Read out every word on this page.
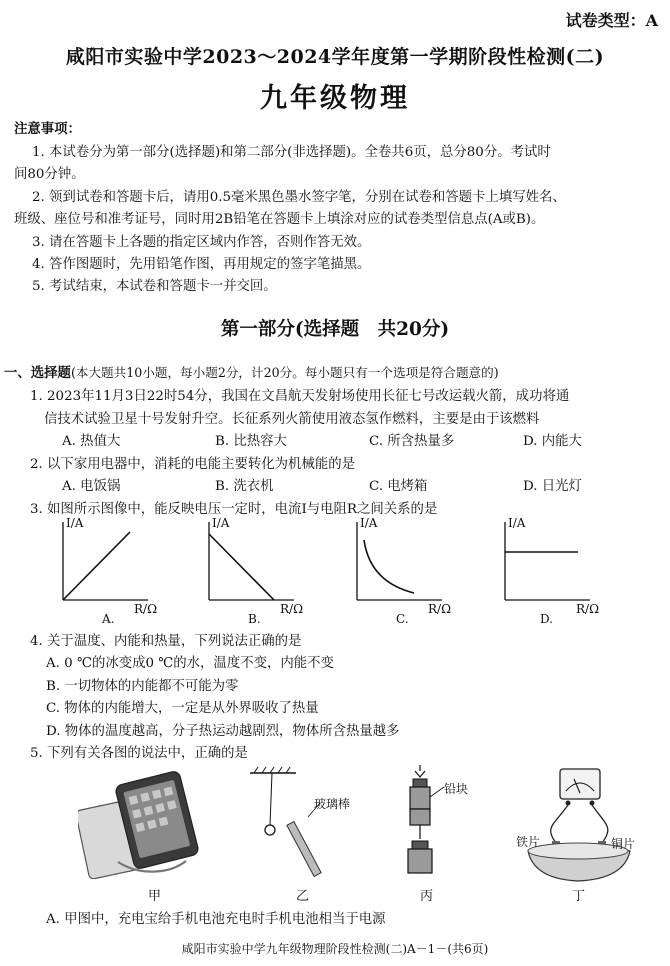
试卷类型：A
咸阳市实验中学2023～2024学年度第一学期阶段性检测(二)
九年级物理
注意事项：
1. 本试卷分为第一部分(选择题)和第二部分(非选择题)。全卷共6页，总分80分。考试时
间80分钟。
2. 领到试卷和答题卡后，请用0.5毫米黑色墨水签字笔，分别在试卷和答题卡上填写姓名、
班级、座位号和准考证号，同时用2B铅笔在答题卡上填涂对应的试卷类型信息点(A或B)。
3. 请在答题卡上各题的指定区域内作答，否则作答无效。
4. 答作图题时，先用铅笔作图，再用规定的签字笔描黑。
5. 考试结束，本试卷和答题卡一并交回。
第一部分(选择题　共20分)
一、选择题(本大题共10小题，每小题2分，计20分。每小题只有一个选项是符合题意的)
1. 2023年11月3日22时54分，我国在文昌航天发射场使用长征七号改运载火箭，成功将通
信技术试验卫星十号发射升空。长征系列火箭使用液态氢作燃料，主要是由于该燃料
A. 热值大	B. 比热容大	C. 所含热量多	D. 内能大
2. 以下家用电器中，消耗的电能主要转化为机械能的是
A. 电饭锅	B. 洗衣机	C. 电烤箱	D. 日光灯
3. 如图所示图像中，能反映电压一定时，电流I与电阻R之间关系的是
I/A
R/Ω
A.
I/A
R/Ω
B.
I/A
R/Ω
C.
I/A
R/Ω
D.
4. 关于温度、内能和热量，下列说法正确的是
A. 0 ℃的冰变成0 ℃的水，温度不变，内能不变
B. 一切物体的内能都不可能为零
C. 物体的内能增大，一定是从外界吸收了热量
D. 物体的温度越高，分子热运动越剧烈，物体所含热量越多
5. 下列有关各图的说法中，正确的是
甲
玻璃棒
乙
铅块
丙
铁片	铜片
丁
A. 甲图中，充电宝给手机电池充电时手机电池相当于电源
咸阳市实验中学九年级物理阶段性检测(二)A－1－(共6页)
